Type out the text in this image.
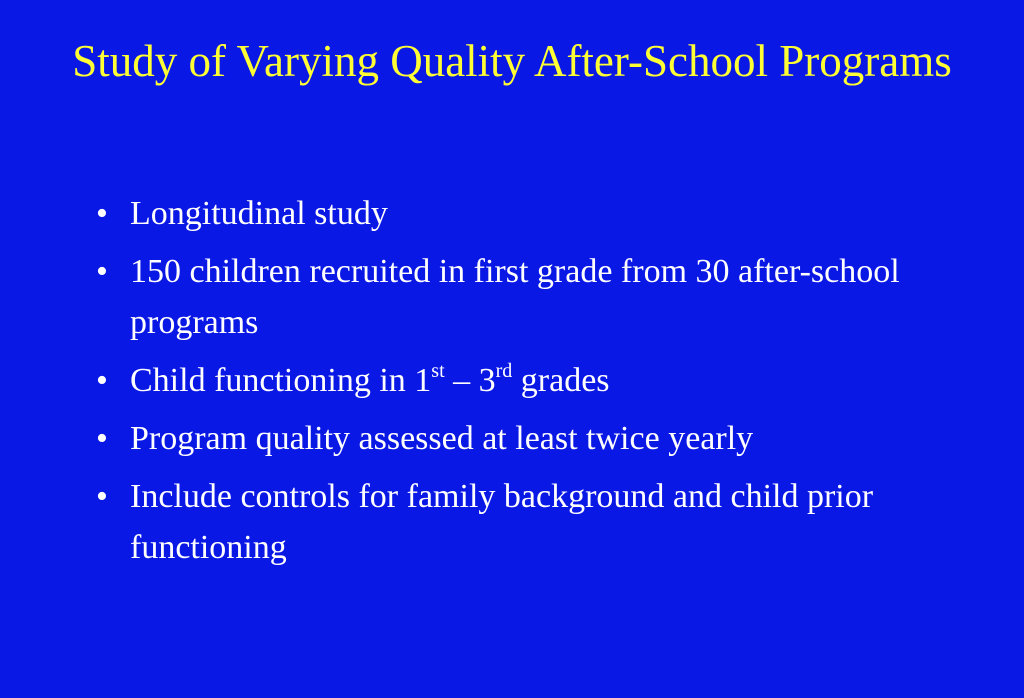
Study of Varying Quality After-School Programs
• Longitudinal study
• 150 children recruited in first grade from 30 after-school programs
• Child functioning in 1st – 3rd grades
• Program quality assessed at least twice yearly
• Include controls for family background and child prior functioning
